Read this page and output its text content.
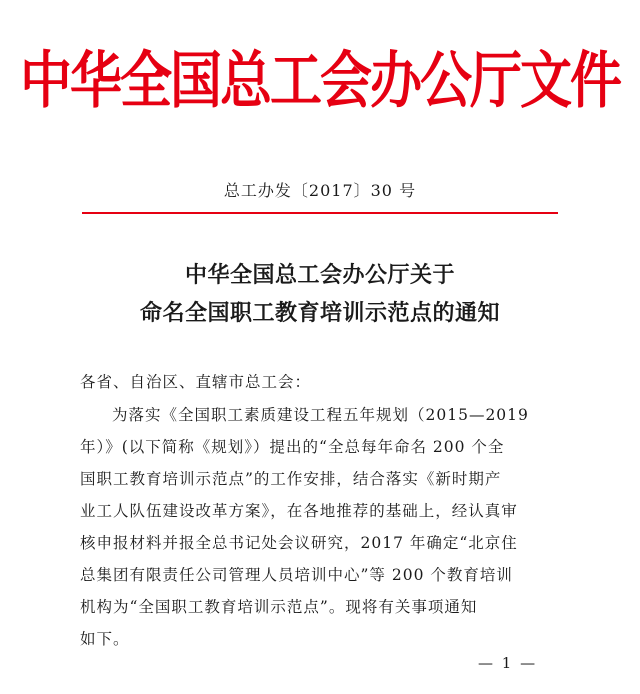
中华全国总工会办公厅文件
总工办发〔2017〕30 号
中华全国总工会办公厅关于
命名全国职工教育培训示范点的通知
各省、自治区、直辖市总工会：
为落实《全国职工素质建设工程五年规划（2015—2019
年）》(以下简称《规划》）提出的“全总每年命名 200 个全
国职工教育培训示范点”的工作安排，结合落实《新时期产
业工人队伍建设改革方案》，在各地推荐的基础上，经认真审
核申报材料并报全总书记处会议研究，2017 年确定“北京住
总集团有限责任公司管理人员培训中心”等 200 个教育培训
机构为“全国职工教育培训示范点”。现将有关事项通知
如下。
— 1 —
